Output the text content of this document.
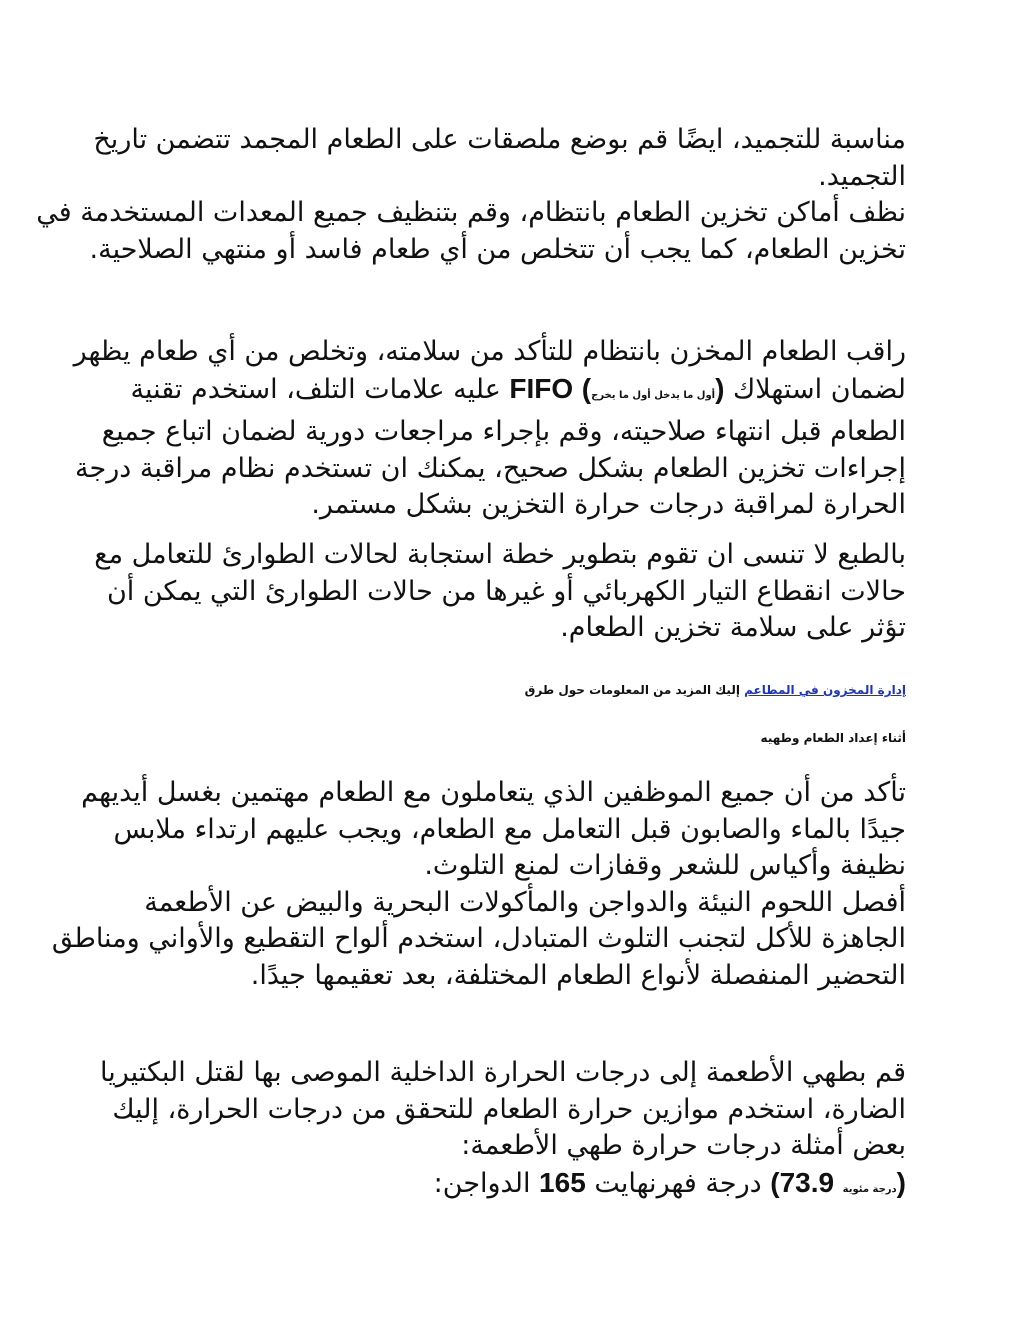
مناسبة للتجميد، ايضًا قم بوضع ملصقات على الطعام المجمد تتضمن تاريخ
التجميد.
نظف أماكن تخزين الطعام بانتظام، وقم بتنظيف جميع المعدات المستخدمة في
تخزين الطعام، كما يجب أن تتخلص من أي طعام فاسد أو منتهي الصلاحية.
راقب الطعام المخزن بانتظام للتأكد من سلامته، وتخلص من أي طعام يظهر
لضمان استهلاك (أول ما يدخل أول ما يخرج) FIFO عليه علامات التلف، استخدم تقنية
الطعام قبل انتهاء صلاحيته، وقم بإجراء مراجعات دورية لضمان اتباع جميع
إجراءات تخزين الطعام بشكل صحيح، يمكنك ان تستخدم نظام مراقبة درجة
الحرارة لمراقبة درجات حرارة التخزين بشكل مستمر.
بالطبع لا تنسى ان تقوم بتطوير خطة استجابة لحالات الطوارئ للتعامل مع
حالات انقطاع التيار الكهربائي أو غيرها من حالات الطوارئ التي يمكن أن
تؤثر على سلامة تخزين الطعام.
إدارة المخزون في المطاعم إليك المزيد من المعلومات حول طرق
أثناء إعداد الطعام وطهيه
تأكد من أن جميع الموظفين الذي يتعاملون مع الطعام مهتمين بغسل أيديهم
جيدًا بالماء والصابون قبل التعامل مع الطعام، ويجب عليهم ارتداء ملابس
نظيفة وأكياس للشعر وقفازات لمنع التلوث.
أفصل اللحوم النيئة والدواجن والمأكولات البحرية والبيض عن الأطعمة
الجاهزة للأكل لتجنب التلوث المتبادل، استخدم ألواح التقطيع والأواني ومناطق
التحضير المنفصلة لأنواع الطعام المختلفة، بعد تعقيمها جيدًا.
قم بطهي الأطعمة إلى درجات الحرارة الداخلية الموصى بها لقتل البكتيريا
الضارة، استخدم موازين حرارة الطعام للتحقق من درجات الحرارة، إليك
بعض أمثلة درجات حرارة طهي الأطعمة:
(درجة مئوية 73.9) درجة فهرنهايت 165 الدواجن:
